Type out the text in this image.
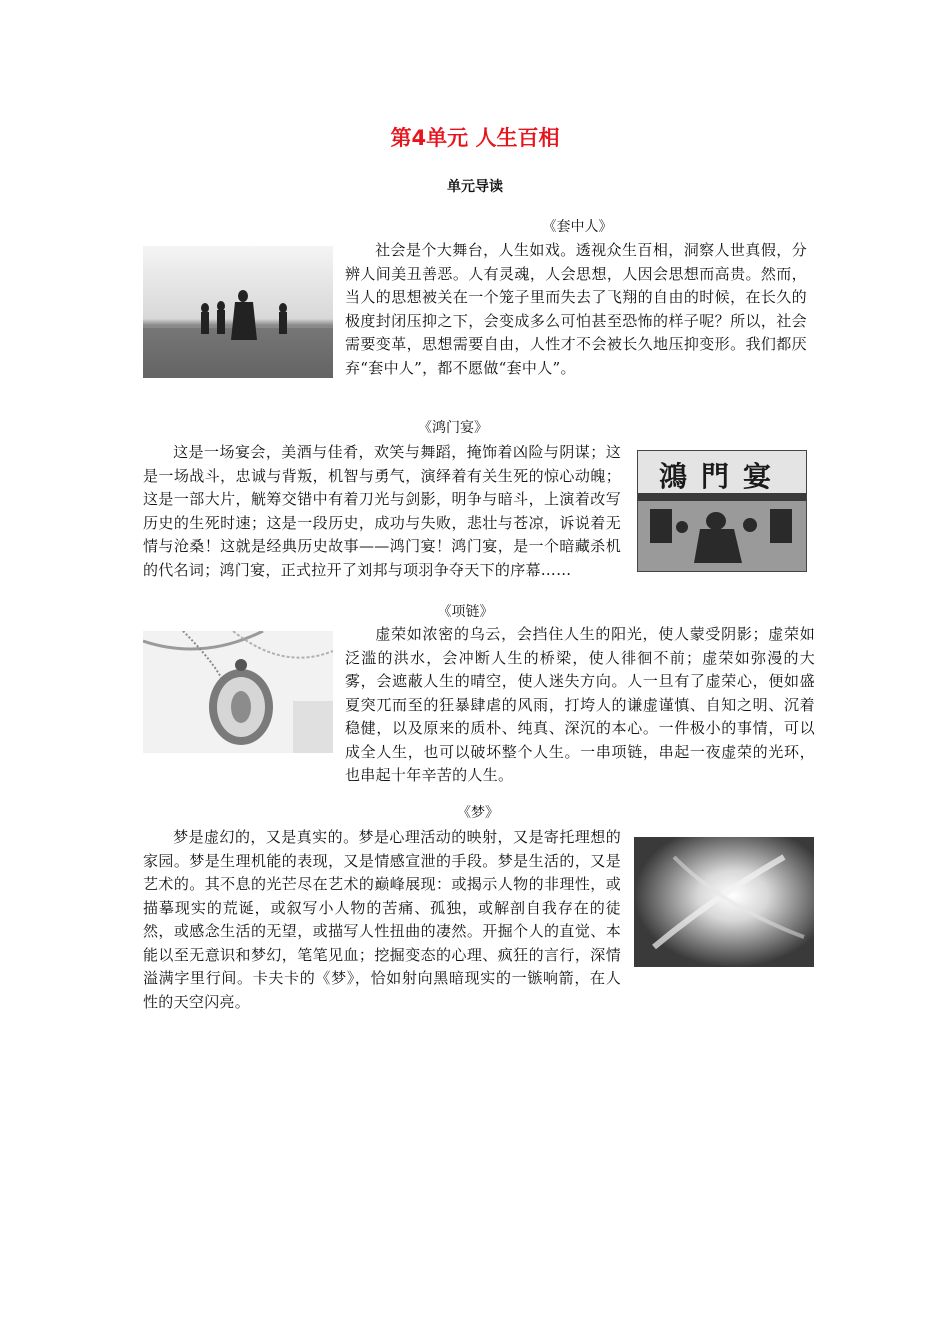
第4单元 人生百相
单元导读
《套中人》

社会是个大舞台，人生如戏。透视众生百相，洞察人世真假，分辨人间美丑善恶。人有灵魂，人会思想，人因会思想而高贵。然而，当人的思想被关在一个笼子里而失去了飞翔的自由的时候，在长久的极度封闭压抑之下，会变成多么可怕甚至恐怖的样子呢？所以，社会需要变革，思想需要自由，人性才不会被长久地压抑变形。我们都厌弃“套中人”，都不愿做“套中人”。

《鸿门宴》

这是一场宴会，美酒与佳肴，欢笑与舞蹈，掩饰着凶险与阴谋；这是一场战斗，忠诚与背叛，机智与勇气，演绎着有关生死的惊心动魄；这是一部大片，觥筹交错中有着刀光与剑影，明争与暗斗，上演着改写历史的生死时速；这是一段历史，成功与失败，悲壮与苍凉，诉说着无情与沧桑！这就是经典历史故事——鸿门宴！鸿门宴，是一个暗藏杀机的代名词；鸿门宴，正式拉开了刘邦与项羽争夺天下的序幕……

鴻門宴
《项链》

虚荣如浓密的乌云，会挡住人生的阳光，使人蒙受阴影；虚荣如泛滥的洪水，会冲断人生的桥梁，使人徘徊不前；虚荣如弥漫的大雾，会遮蔽人生的晴空，使人迷失方向。人一旦有了虚荣心，便如盛夏突兀而至的狂暴肆虐的风雨，打垮人的谦虚谨慎、自知之明、沉着稳健，以及原来的质朴、纯真、深沉的本心。一件极小的事情，可以成全人生，也可以破坏整个人生。一串项链，串起一夜虚荣的光环，也串起十年辛苦的人生。

《梦》

梦是虚幻的，又是真实的。梦是心理活动的映射，又是寄托理想的家园。梦是生理机能的表现，又是情感宣泄的手段。梦是生活的，又是艺术的。其不息的光芒尽在艺术的巅峰展现：或揭示人物的非理性，或描摹现实的荒诞，或叙写小人物的苦痛、孤独，或解剖自我存在的徒然，或感念生活的无望，或描写人性扭曲的凄然。开掘个人的直觉、本能以至无意识和梦幻，笔笔见血；挖掘变态的心理、疯狂的言行，深情溢满字里行间。卡夫卡的《梦》，恰如射向黑暗现实的一镞响箭，在人性的天空闪亮。
